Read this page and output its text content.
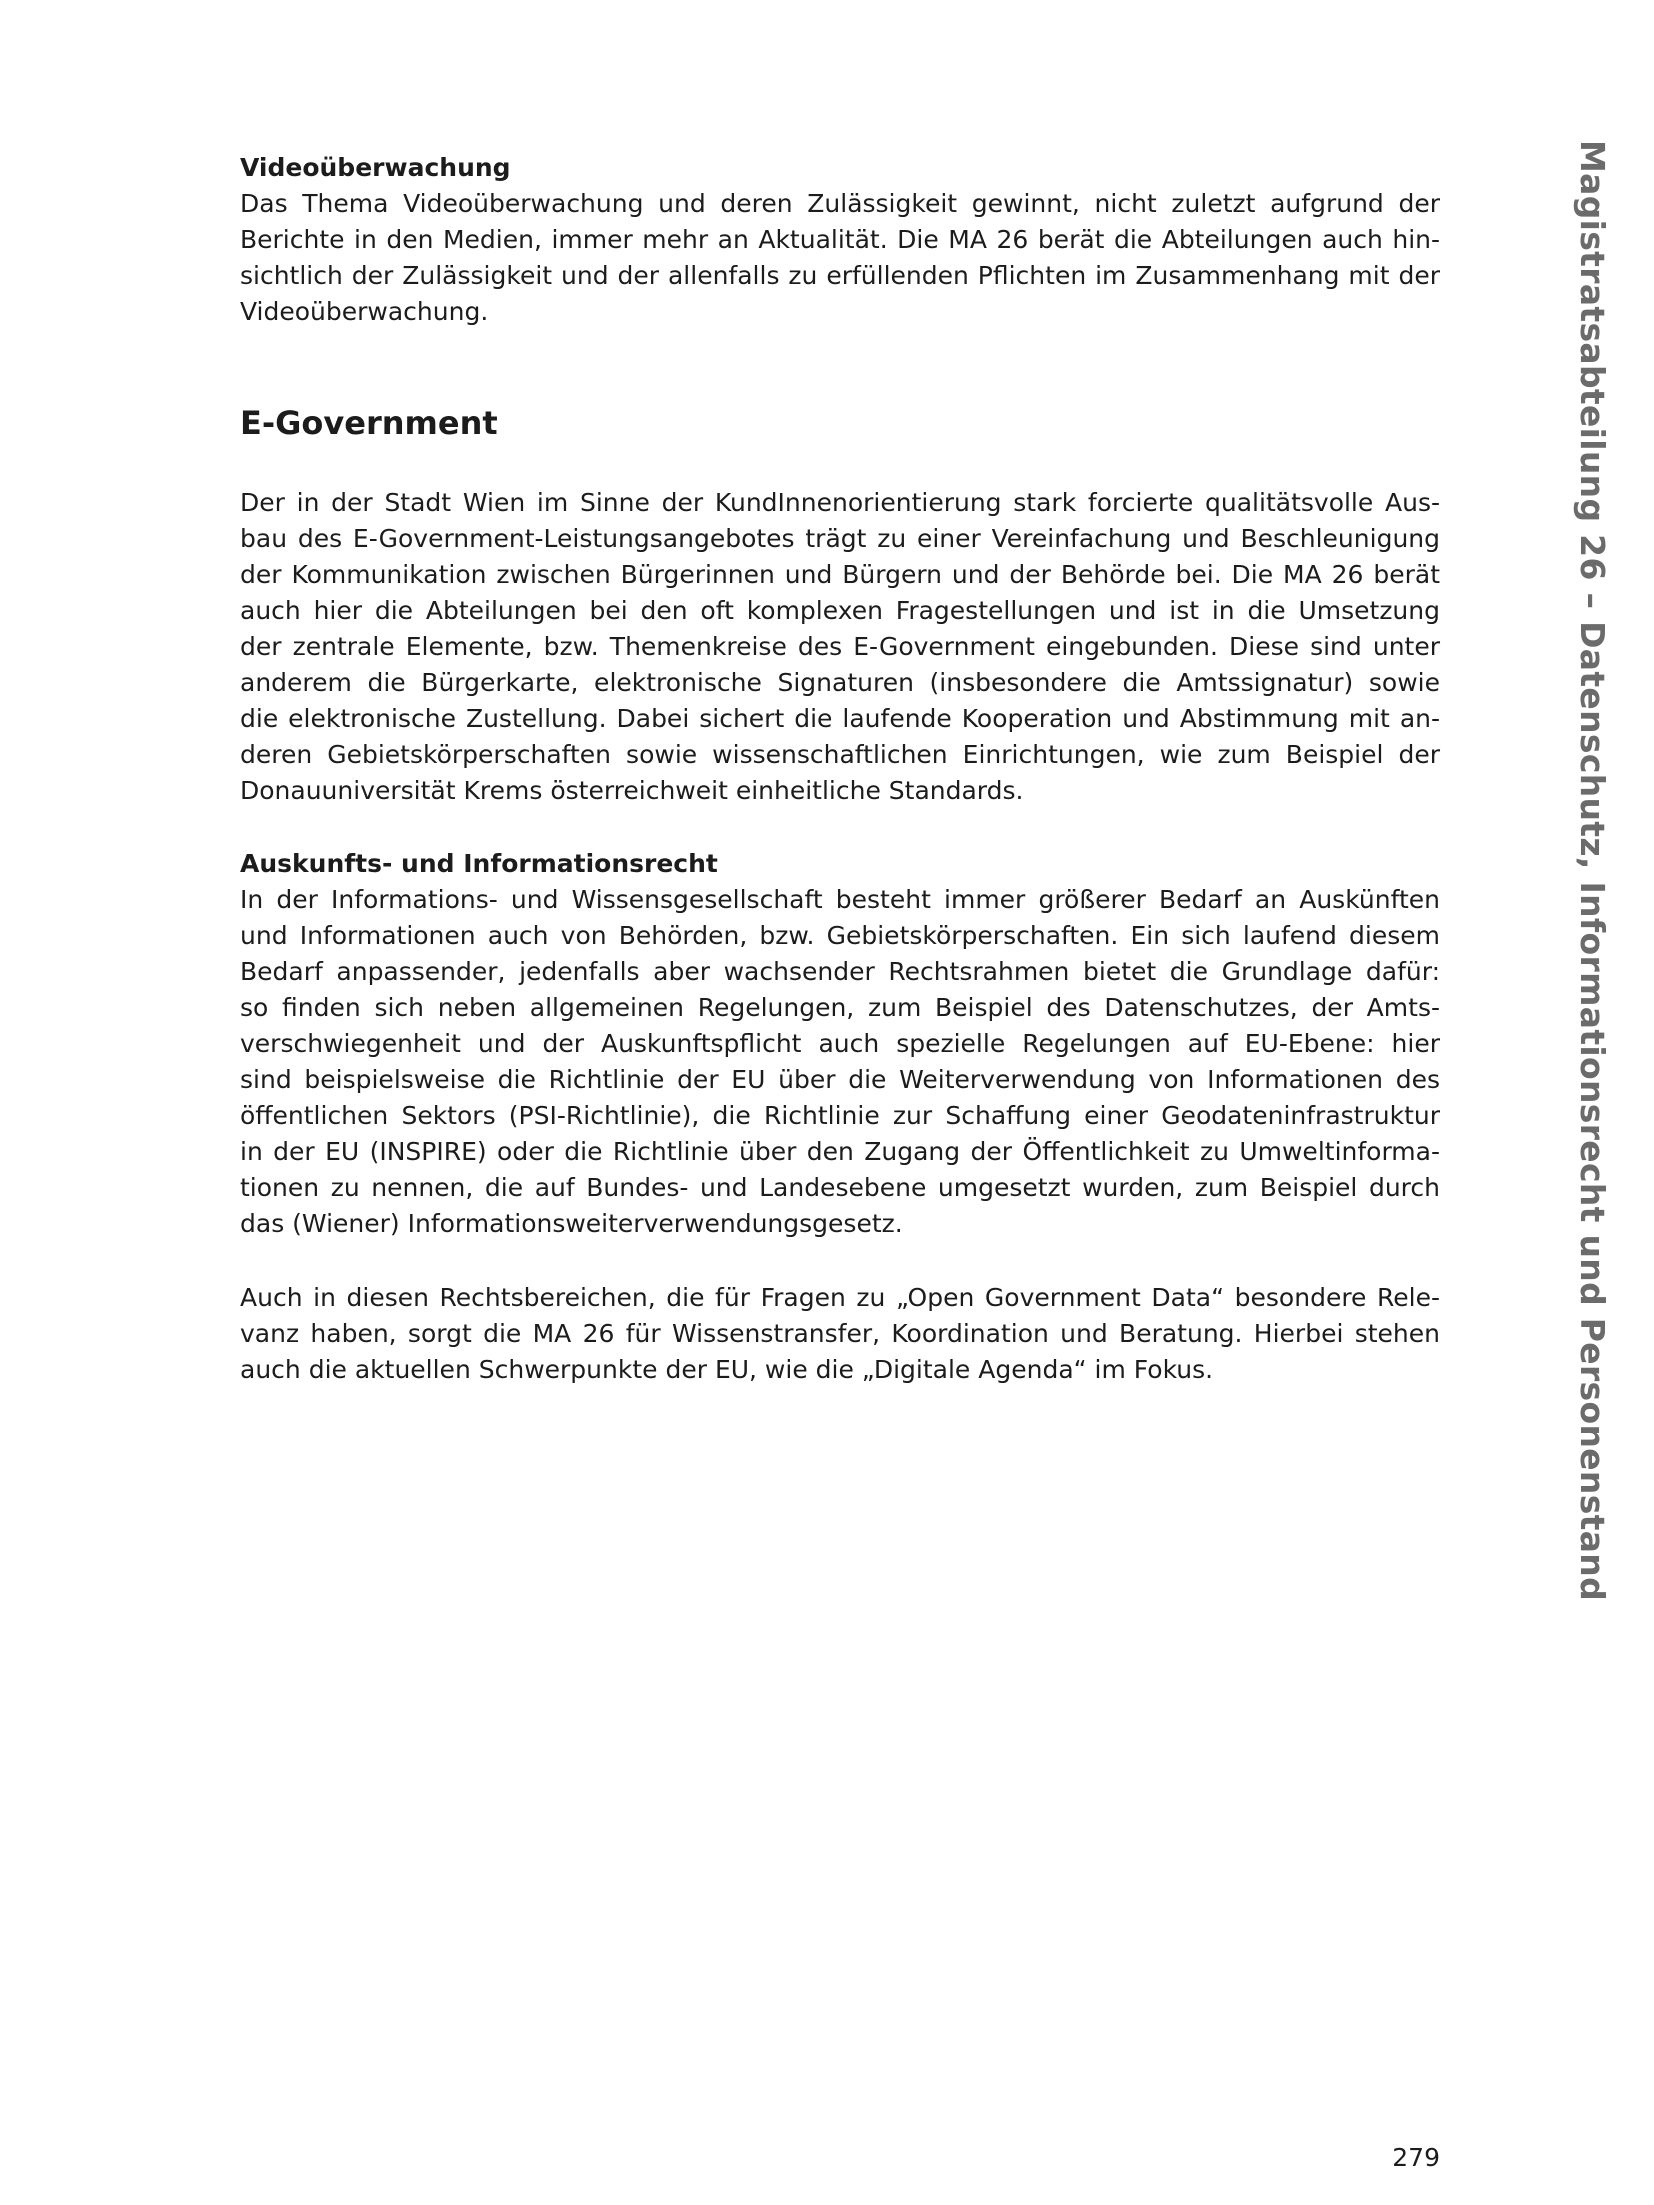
Videoüberwachung
Das Thema Videoüberwachung und deren Zulässigkeit gewinnt, nicht zuletzt aufgrund der
Berichte in den Medien, immer mehr an Aktualität. Die MA 26 berät die Abteilungen auch hin-
sichtlich der Zulässigkeit und der allenfalls zu erfüllenden Pflichten im Zusammenhang mit der
Videoüberwachung.
E-Government
Der in der Stadt Wien im Sinne der KundInnenorientierung stark forcierte qualitätsvolle Aus-
bau des E-Government-Leistungsangebotes trägt zu einer Vereinfachung und Beschleunigung
der Kommunikation zwischen Bürgerinnen und Bürgern und der Behörde bei. Die MA 26 berät
auch hier die Abteilungen bei den oft komplexen Fragestellungen und ist in die Umsetzung
der zentrale Elemente, bzw. Themenkreise des E-Government eingebunden. Diese sind unter
anderem die Bürgerkarte, elektronische Signaturen (insbesondere die Amtssignatur) sowie
die elektronische Zustellung. Dabei sichert die laufende Kooperation und Abstimmung mit an-
deren Gebietskörperschaften sowie wissenschaftlichen Einrichtungen, wie zum Beispiel der
Donauuniversität Krems österreichweit einheitliche Standards.
Auskunfts- und Informationsrecht
In der Informations- und Wissensgesellschaft besteht immer größerer Bedarf an Auskünften
und Informationen auch von Behörden, bzw. Gebietskörperschaften. Ein sich laufend diesem
Bedarf anpassender, jedenfalls aber wachsender Rechtsrahmen bietet die Grundlage dafür:
so finden sich neben allgemeinen Regelungen, zum Beispiel des Datenschutzes, der Amts-
verschwiegenheit und der Auskunftspflicht auch spezielle Regelungen auf EU-Ebene: hier
sind beispielsweise die Richtlinie der EU über die Weiterverwendung von Informationen des
öffentlichen Sektors (PSI-Richtlinie), die Richtlinie zur Schaffung einer Geodateninfrastruktur
in der EU (INSPIRE) oder die Richtlinie über den Zugang der Öffentlichkeit zu Umweltinforma-
tionen zu nennen, die auf Bundes- und Landesebene umgesetzt wurden, zum Beispiel durch
das (Wiener) Informationsweiterverwendungsgesetz.
Auch in diesen Rechtsbereichen, die für Fragen zu „Open Government Data“ besondere Rele-
vanz haben, sorgt die MA 26 für Wissenstransfer, Koordination und Beratung. Hierbei stehen
auch die aktuellen Schwerpunkte der EU, wie die „Digitale Agenda“ im Fokus.	Magistratsabteilung 26 – Datenschutz, Informationsrecht und Personenstand
279
